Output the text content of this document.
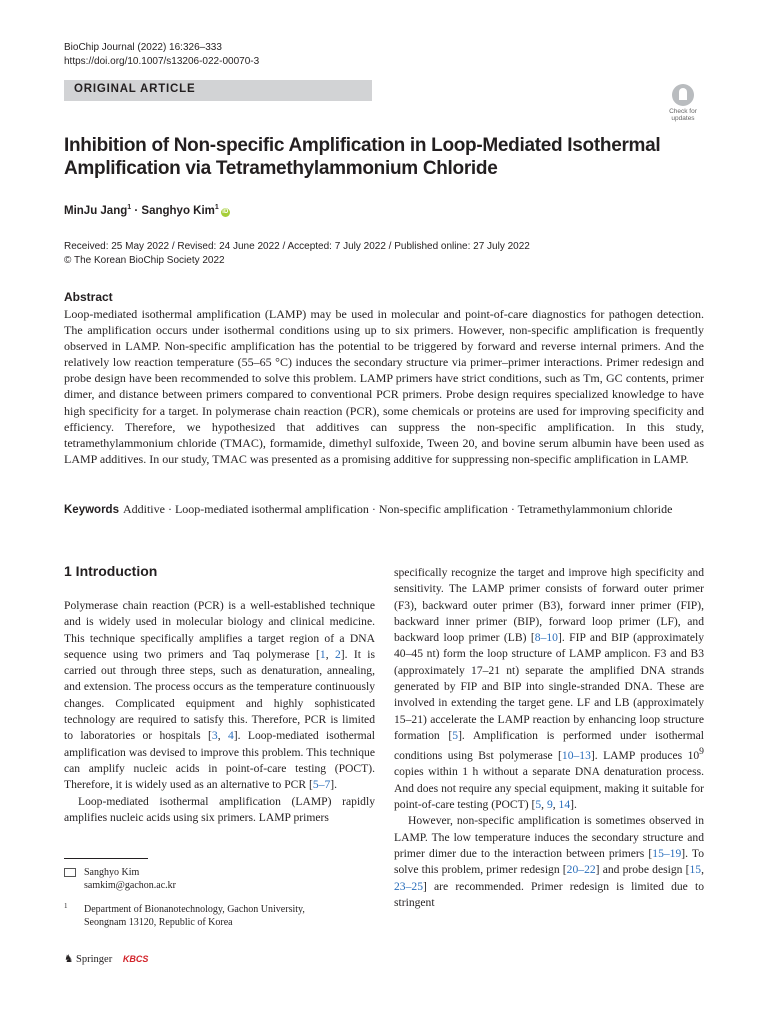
BioChip Journal (2022) 16:326–333
https://doi.org/10.1007/s13206-022-00070-3
ORIGINAL ARTICLE
Check for updates
Inhibition of Non-specific Amplification in Loop-Mediated Isothermal Amplification via Tetramethylammonium Chloride
MinJu Jang$^1$ · Sanghyo Kim$^1$iD
Received: 25 May 2022 / Revised: 24 June 2022 / Accepted: 7 July 2022 / Published online: 27 July 2022
© The Korean BioChip Society 2022
Abstract
Loop-mediated isothermal amplification (LAMP) may be used in molecular and point-of-care diagnostics for pathogen detection. The amplification occurs under isothermal conditions using up to six primers. However, non-specific amplification is frequently observed in LAMP. Non-specific amplification has the potential to be triggered by forward and reverse internal primers. And the relatively low reaction temperature (55–65 °C) induces the secondary structure via primer–primer interactions. Primer redesign and probe design have been recommended to solve this problem. LAMP primers have strict conditions, such as Tm, GC contents, primer dimer, and distance between primers compared to conventional PCR primers. Probe design requires specialized knowledge to have high specificity for a target. In polymerase chain reaction (PCR), some chemicals or proteins are used for improving specificity and efficiency. Therefore, we hypothesized that additives can suppress the non-specific amplification. In this study, tetramethylammonium chloride (TMAC), formamide, dimethyl sulfoxide, Tween 20, and bovine serum albumin have been used as LAMP additives. In our study, TMAC was presented as a promising additive for suppressing non-specific amplification in LAMP.
Keywords Additive · Loop-mediated isothermal amplification · Non-specific amplification · Tetramethylammonium chloride
1 Introduction

Polymerase chain reaction (PCR) is a well-established technique and is widely used in molecular biology and clinical medicine. This technique specifically amplifies a target region of a DNA sequence using two primers and Taq polymerase [1, 2]. It is carried out through three steps, such as denaturation, annealing, and extension. The process occurs as the temperature continuously changes. Complicated equipment and highly sophisticated technology are required to satisfy this. Therefore, PCR is limited to laboratories or hospitals [3, 4]. Loop-mediated isothermal amplification was devised to improve this problem. This technique can amplify nucleic acids in point-of-care testing (POCT). Therefore, it is widely used as an alternative to PCR [5–7].

Loop-mediated isothermal amplification (LAMP) rapidly amplifies nucleic acids using six primers. LAMP primers

specifically recognize the target and improve high specificity and sensitivity. The LAMP primer consists of forward outer primer (F3), backward outer primer (B3), forward inner primer (FIP), backward inner primer (BIP), forward loop primer (LF), and backward loop primer (LB) [8–10]. FIP and BIP (approximately 40–45 nt) form the loop structure of LAMP amplicon. F3 and B3 (approximately 17–21 nt) separate the amplified DNA strands generated by FIP and BIP into single-stranded DNA. These are involved in extending the target gene. LF and LB (approximately 15–21) accelerate the LAMP reaction by enhancing loop structure formation [5]. Amplification is performed under isothermal conditions using Bst polymerase [10–13]. LAMP produces $10^9$ copies within 1 h without a separate DNA denaturation process. And does not require any special equipment, making it suitable for point-of-care testing (POCT) [5, 9, 14].

However, non-specific amplification is sometimes observed in LAMP. The low temperature induces the secondary structure and primer dimer due to the interaction between primers [15–19]. To solve this problem, primer redesign [20–22] and probe design [15, 23–25] are recommended. Primer redesign is limited due to stringent

Sanghyo Kim
samkim@gachon.ac.kr
1 Department of Bionanotechnology, Gachon University,
Seongnam 13120, Republic of Korea
♞ Springer KBCS
